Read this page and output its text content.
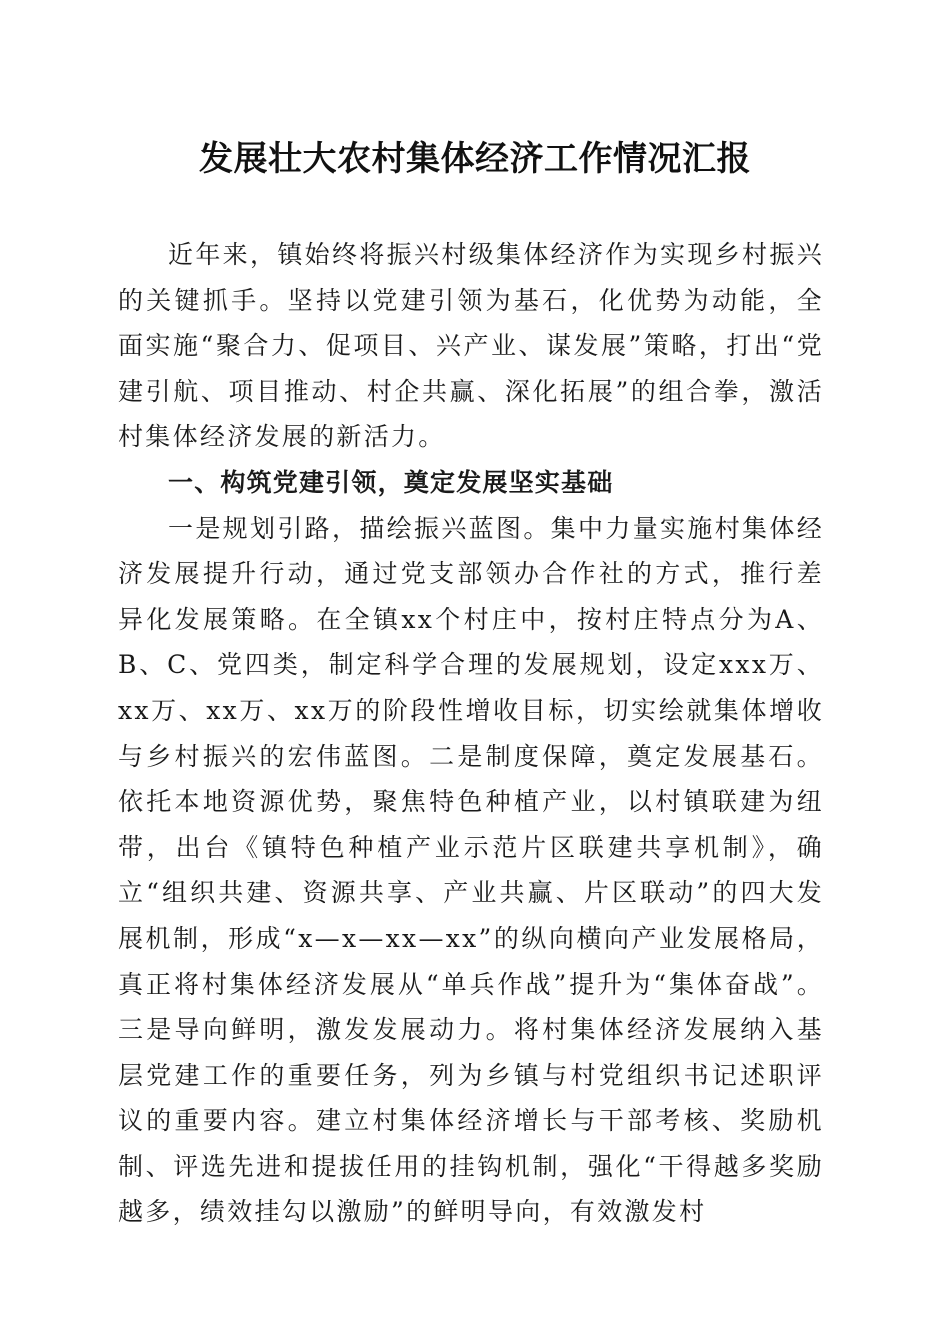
发展壮大农村集体经济工作情况汇报

近年来，镇始终将振兴村级集体经济作为实现乡村振兴的关键抓手。坚持以党建引领为基石，化优势为动能，全面实施“聚合力、促项目、兴产业、谋发展”策略，打出“党建引航、项目推动、村企共赢、深化拓展”的组合拳，激活村集体经济发展的新活力。

一、构筑党建引领，奠定发展坚实基础

一是规划引路，描绘振兴蓝图。集中力量实施村集体经济发展提升行动，通过党支部领办合作社的方式，推行差异化发展策略。在全镇xx个村庄中，按村庄特点分为A、B、C、党四类，制定科学合理的发展规划，设定xxx万、xx万、xx万、xx万的阶段性增收目标，切实绘就集体增收与乡村振兴的宏伟蓝图。二是制度保障，奠定发展基石。依托本地资源优势，聚焦特色种植产业，以村镇联建为纽带，出台《镇特色种植产业示范片区联建共享机制》，确立“组织共建、资源共享、产业共赢、片区联动”的四大发展机制，形成“x—x—xx—xx”的纵向横向产业发展格局，真正将村集体经济发展从“单兵作战”提升为“集体奋战”。三是导向鲜明，激发发展动力。将村集体经济发展纳入基层党建工作的重要任务，列为乡镇与村党组织书记述职评议的重要内容。建立村集体经济增长与干部考核、奖励机制、评选先进和提拔任用的挂钩机制，强化“干得越多奖励越多，绩效挂勾以激励”的鲜明导向，有效激发村
